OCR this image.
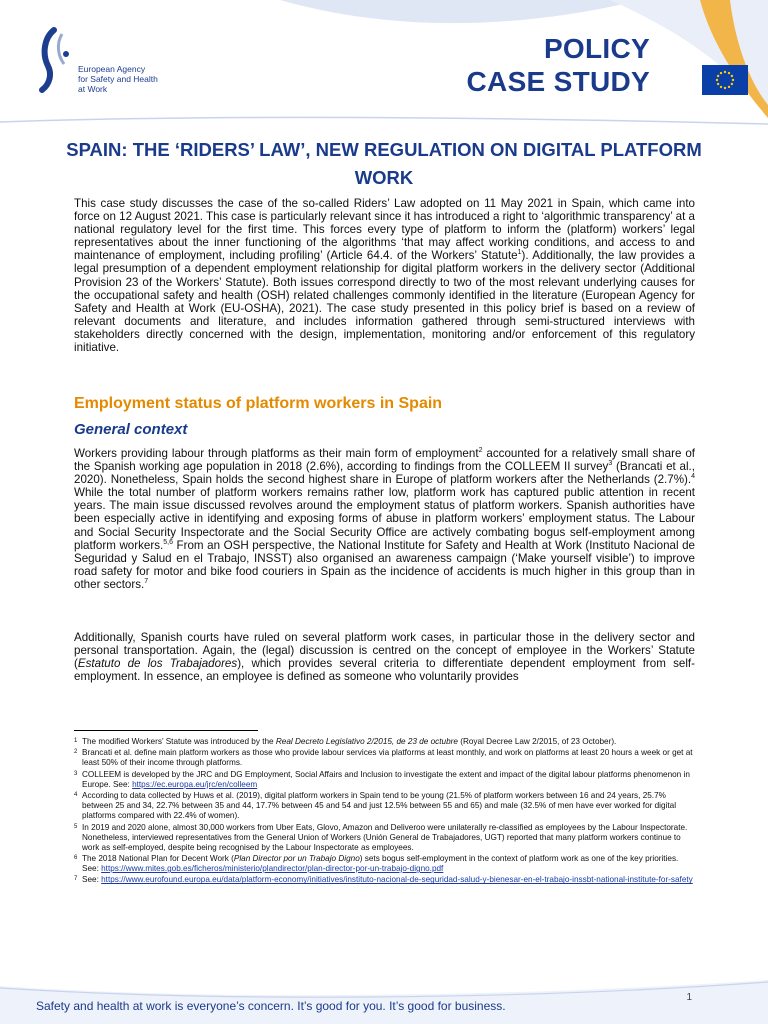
European Agency
for Safety and Health
at Work
POLICY
CASE STUDY
SPAIN: THE ‘RIDERS’ LAW’, NEW REGULATION ON DIGITAL PLATFORM WORK
This case study discusses the case of the so-called Riders’ Law adopted on 11 May 2021 in Spain, which came into force on 12 August 2021. This case is particularly relevant since it has introduced a right to ‘algorithmic transparency’ at a national regulatory level for the first time. This forces every type of platform to inform the (platform) workers’ legal representatives about the inner functioning of the algorithms ‘that may affect working conditions, and access to and maintenance of employment, including profiling’ (Article 64.4. of the Workers’ Statute$^1$). Additionally, the law provides a legal presumption of a dependent employment relationship for digital platform workers in the delivery sector (Additional Provision 23 of the Workers’ Statute). Both issues correspond directly to two of the most relevant underlying causes for the occupational safety and health (OSH) related challenges commonly identified in the literature (European Agency for Safety and Health at Work (EU-OSHA), 2021). The case study presented in this policy brief is based on a review of relevant documents and literature, and includes information gathered through semi-structured interviews with stakeholders directly concerned with the design, implementation, monitoring and/or enforcement of this regulatory initiative.
Employment status of platform workers in Spain
General context
Workers providing labour through platforms as their main form of employment$^2$ accounted for a relatively small share of the Spanish working age population in 2018 (2.6%), according to findings from the COLLEEM II survey$^3$ (Brancati et al., 2020). Nonetheless, Spain holds the second highest share in Europe of platform workers after the Netherlands (2.7%).$^4$ While the total number of platform workers remains rather low, platform work has captured public attention in recent years. The main issue discussed revolves around the employment status of platform workers. Spanish authorities have been especially active in identifying and exposing forms of abuse in platform workers’ employment status. The Labour and Social Security Inspectorate and the Social Security Office are actively combating bogus self-employment among platform workers.$^{5,6}$ From an OSH perspective, the National Institute for Safety and Health at Work (Instituto Nacional de Seguridad y Salud en el Trabajo, INSST) also organised an awareness campaign (‘Make yourself visible’) to improve road safety for motor and bike food couriers in Spain as the incidence of accidents is much higher in this group than in other sectors.$^7$
Additionally, Spanish courts have ruled on several platform work cases, in particular those in the delivery sector and personal transportation. Again, the (legal) discussion is centred on the concept of employee in the Workers’ Statute (Estatuto de los Trabajadores), which provides several criteria to differentiate dependent employment from self-employment. In essence, an employee is defined as someone who voluntarily provides

1 The modified Workers’ Statute was introduced by the Real Decreto Legislativo 2/2015, de 23 de octubre (Royal Decree Law 2/2015, of 23 October).

2 Brancati et al. define main platform workers as those who provide labour services via platforms at least monthly, and work on platforms at least 20 hours a week or get at least 50% of their income through platforms.

3 COLLEEM is developed by the JRC and DG Employment, Social Affairs and Inclusion to investigate the extent and impact of the digital labour platforms phenomenon in Europe. See: https://ec.europa.eu/jrc/en/colleem

4 According to data collected by Huws et al. (2019), digital platform workers in Spain tend to be young (21.5% of platform workers between 16 and 24 years, 25.7% between 25 and 34, 22.7% between 35 and 44, 17.7% between 45 and 54 and just 12.5% between 55 and 65) and male (32.5% of men have ever worked for digital platforms compared with 22.4% of women).

5 In 2019 and 2020 alone, almost 30,000 workers from Uber Eats, Glovo, Amazon and Deliveroo were unilaterally re-classified as employees by the Labour Inspectorate. Nonetheless, interviewed representatives from the General Union of Workers (Unión General de Trabajadores, UGT) reported that many platform workers continue to work as self-employed, despite being recognised by the Labour Inspectorate as employees.

6 The 2018 National Plan for Decent Work (Plan Director por un Trabajo Digno) sets bogus self-employment in the context of platform work as one of the key priorities. See: https://www.mites.gob.es/ficheros/ministerio/plandirector/plan-director-por-un-trabajo-digno.pdf

7 See: https://www.eurofound.europa.eu/data/platform-economy/initiatives/instituto-nacional-de-seguridad-salud-y-bienesar-en-el-trabajo-inssbt-national-institute-for-safety

Safety and health at work is everyone’s concern. It’s good for you. It’s good for business.
1
